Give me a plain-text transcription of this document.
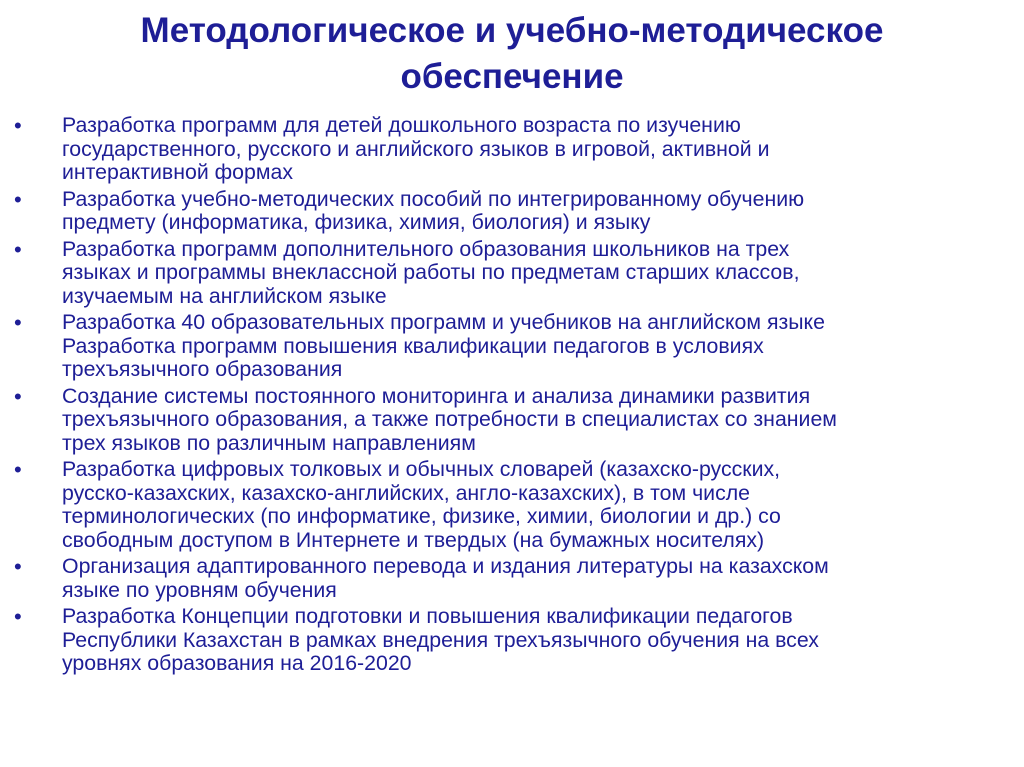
Методологическое и учебно-методическое
обеспечение
• Разработка программ для детей дошкольного возраста по изучению
государственного, русского и английского языков в игровой, активной и
интерактивной формах
• Разработка учебно-методических пособий по интегрированному обучению
предмету (информатика, физика, химия, биология) и языку
• Разработка программ дополнительного образования школьников на трех
языках и программы внеклассной работы по предметам старших классов,
изучаемым на английском языке
• Разработка 40 образовательных программ и учебников на английском языке
Разработка программ повышения квалификации педагогов в условиях
трехъязычного образования
• Создание системы постоянного мониторинга и анализа динамики развития
трехъязычного образования, а также потребности в специалистах со знанием
трех языков по различным направлениям
• Разработка цифровых толковых и обычных словарей (казахско-русских,
русско-казахских, казахско-английских, англо-казахских), в том числе
терминологических (по информатике, физике, химии, биологии и др.) со
свободным доступом в Интернете и твердых (на бумажных носителях)
• Организация адаптированного перевода и издания литературы на казахском
языке по уровням обучения
• Разработка Концепции подготовки и повышения квалификации педагогов
Республики Казахстан в рамках внедрения трехъязычного обучения на всех
уровнях образования на 2016-2020
